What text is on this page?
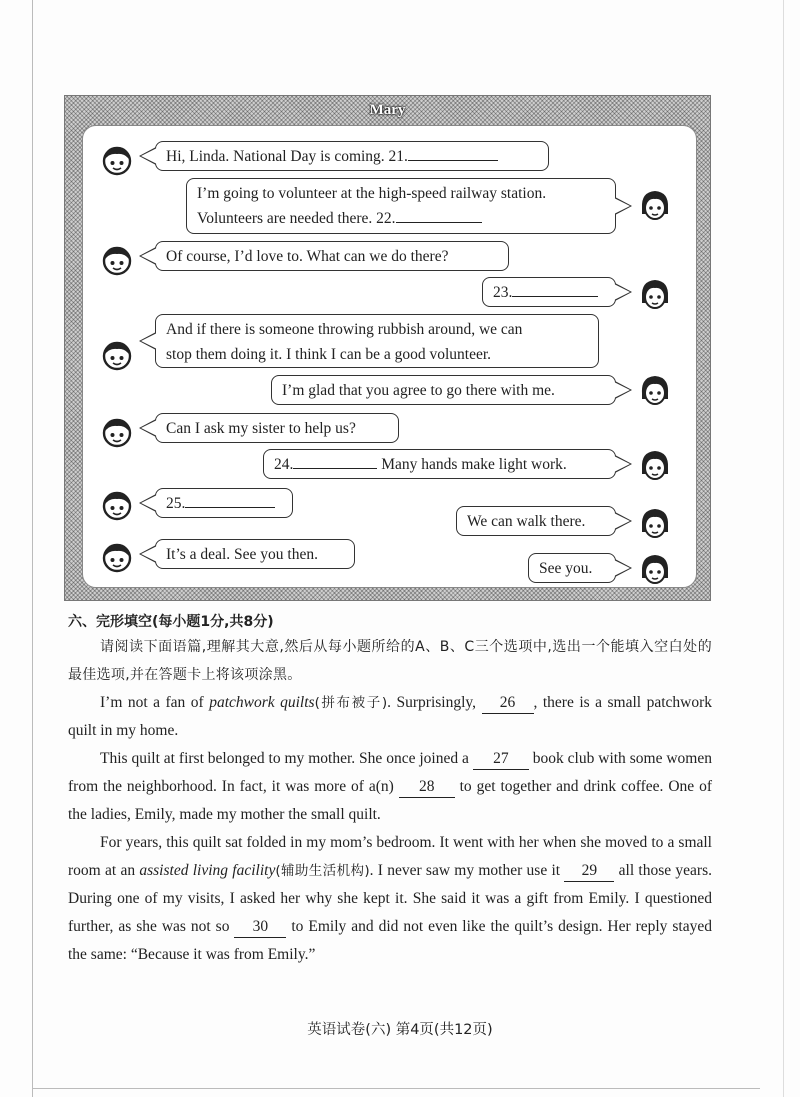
Mary
Hi, Linda. National Day is coming. 21.
I’m going to volunteer at the high-speed railway station.
Volunteers are needed there. 22.
Of course, I’d love to. What can we do there?
23.
And if there is someone throwing rubbish around, we can
stop them doing it. I think I can be a good volunteer.
I’m glad that you agree to go there with me.
Can I ask my sister to help us?
24.	Many hands make light work.
25.
We can walk there.
It’s a deal. See you then.
See you.
六、完形填空(每小题1分,共8分)
请阅读下面语篇,理解其大意,然后从每小题所给的A、B、C三个选项中,选出一个能填入空白处的最佳选项,并在答题卡上将该项涂黑。
I’m not a fan of patchwork quilts(拼布被子). Surprisingly, 26 , there is a small patchwork quilt in my home.
This quilt at first belonged to my mother. She once joined a 27 book club with some women from the neighborhood. In fact, it was more of a(n) 28 to get together and drink coffee. One of the ladies, Emily, made my mother the small quilt.
For years, this quilt sat folded in my mom’s bedroom. It went with her when she moved to a small room at an assisted living facility(辅助生活机构). I never saw my mother use it 29 all those years. During one of my visits, I asked her why she kept it. She said it was a gift from Emily. I questioned further, as she was not so 30 to Emily and did not even like the quilt’s design. Her reply stayed the same: “Because it was from Emily.”
英语试卷(六) 第4页(共12页)
